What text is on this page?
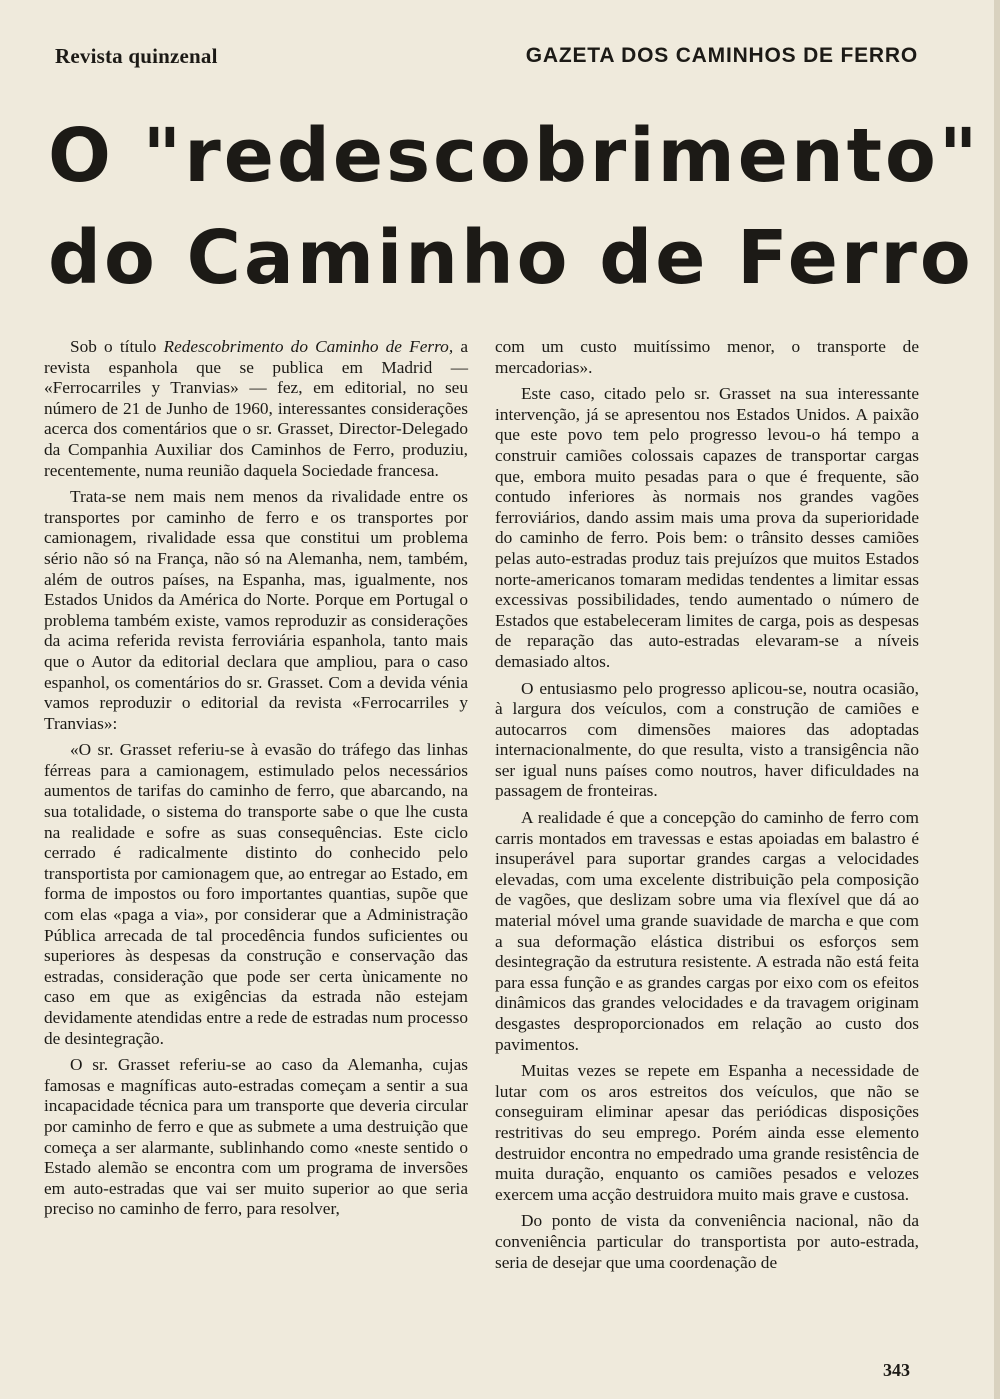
Revista quinzenal	GAZETA DOS CAMINHOS DE FERRO
O "redescobrimento"
do Caminho de Ferro

Sob o título Redescobrimento do Caminho de Ferro, a revista espanhola que se publica em Madrid — «Ferrocarriles y Tranvias» — fez, em editorial, no seu número de 21 de Junho de 1960, interessantes considerações acerca dos comentários que o sr. Grasset, Director-Delegado da Companhia Auxiliar dos Caminhos de Ferro, produziu, recentemente, numa reunião daquela Sociedade francesa.

Trata-se nem mais nem menos da rivalidade entre os transportes por caminho de ferro e os transportes por camionagem, rivalidade essa que constitui um problema sério não só na França, não só na Alemanha, nem, também, além de outros países, na Espanha, mas, igualmente, nos Estados Unidos da América do Norte. Porque em Portugal o problema também existe, vamos reproduzir as considerações da acima referida revista ferroviária espanhola, tanto mais que o Autor da editorial declara que ampliou, para o caso espanhol, os comentários do sr. Grasset. Com a devida vénia vamos reproduzir o editorial da revista «Ferrocarriles y Tranvias»:

«O sr. Grasset referiu-se à evasão do tráfego das linhas férreas para a camionagem, estimulado pelos necessários aumentos de tarifas do caminho de ferro, que abarcando, na sua totalidade, o sistema do transporte sabe o que lhe custa na realidade e sofre as suas consequências. Este ciclo cerrado é radicalmente distinto do conhecido pelo transportista por camionagem que, ao entregar ao Estado, em forma de impostos ou foro importantes quantias, supõe que com elas «paga a via», por considerar que a Administração Pública arrecada de tal procedência fundos suficientes ou superiores às despesas da construção e conservação das estradas, consideração que pode ser certa ùnicamente no caso em que as exigências da estrada não estejam devidamente atendidas entre a rede de estradas num processo de desintegração.

O sr. Grasset referiu-se ao caso da Alemanha, cujas famosas e magníficas auto-estradas começam a sentir a sua incapacidade técnica para um transporte que deveria circular por caminho de ferro e que as submete a uma destruição que começa a ser alarmante, sublinhando como «neste sentido o Estado alemão se encontra com um programa de inversões em auto-estradas que vai ser muito superior ao que seria preciso no caminho de ferro, para resolver,

com um custo muitíssimo menor, o transporte de mercadorias».

Este caso, citado pelo sr. Grasset na sua interessante intervenção, já se apresentou nos Estados Unidos. A paixão que este povo tem pelo progresso levou-o há tempo a construir camiões colossais capazes de transportar cargas que, embora muito pesadas para o que é frequente, são contudo inferiores às normais nos grandes vagões ferroviários, dando assim mais uma prova da superioridade do caminho de ferro. Pois bem: o trânsito desses camiões pelas auto-estradas produz tais prejuízos que muitos Estados norte-americanos tomaram medidas tendentes a limitar essas excessivas possibilidades, tendo aumentado o número de Estados que estabeleceram limites de carga, pois as despesas de reparação das auto-estradas elevaram-se a níveis demasiado altos.

O entusiasmo pelo progresso aplicou-se, noutra ocasião, à largura dos veículos, com a construção de camiões e autocarros com dimensões maiores das adoptadas internacionalmente, do que resulta, visto a transigência não ser igual nuns países como noutros, haver dificuldades na passagem de fronteiras.

A realidade é que a concepção do caminho de ferro com carris montados em travessas e estas apoiadas em balastro é insuperável para suportar grandes cargas a velocidades elevadas, com uma excelente distribuição pela composição de vagões, que deslizam sobre uma via flexível que dá ao material móvel uma grande suavidade de marcha e que com a sua deformação elástica distribui os esforços sem desintegração da estrutura resistente. A estrada não está feita para essa função e as grandes cargas por eixo com os efeitos dinâmicos das grandes velocidades e da travagem originam desgastes desproporcionados em relação ao custo dos pavimentos.

Muitas vezes se repete em Espanha a necessidade de lutar com os aros estreitos dos veículos, que não se conseguiram eliminar apesar das periódicas disposições restritivas do seu emprego. Porém ainda esse elemento destruidor encontra no empedrado uma grande resistência de muita duração, enquanto os camiões pesados e velozes exercem uma acção destruidora muito mais grave e custosa.

Do ponto de vista da conveniência nacional, não da conveniência particular do transportista por auto-estrada, seria de desejar que uma coordenação de

343
